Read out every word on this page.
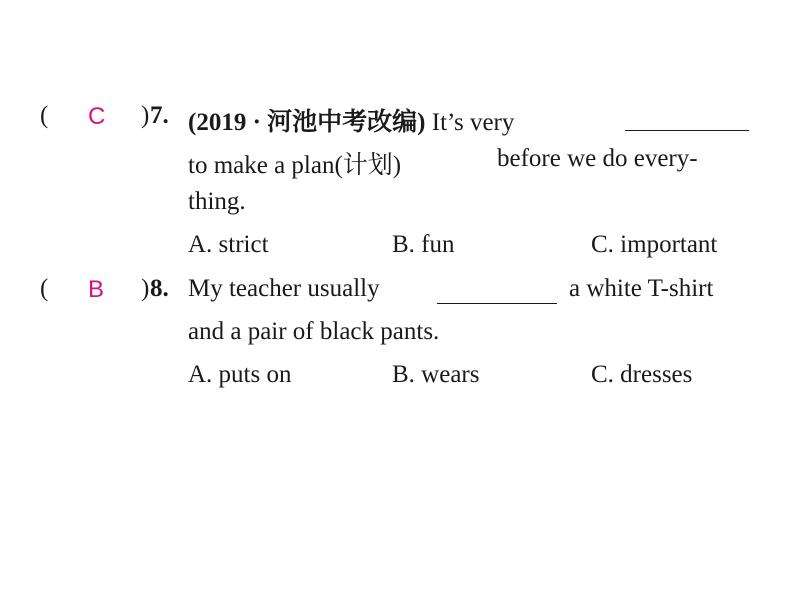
( C ) 7. (2019 · 河池中考改编) It’s very
to make a plan(计划)	before we do every-
thing.
A. strict	B. fun	C. important
( B ) 8. My teacher usually	a white T-shirt
and a pair of black pants.
A. puts on	B. wears	C. dresses
